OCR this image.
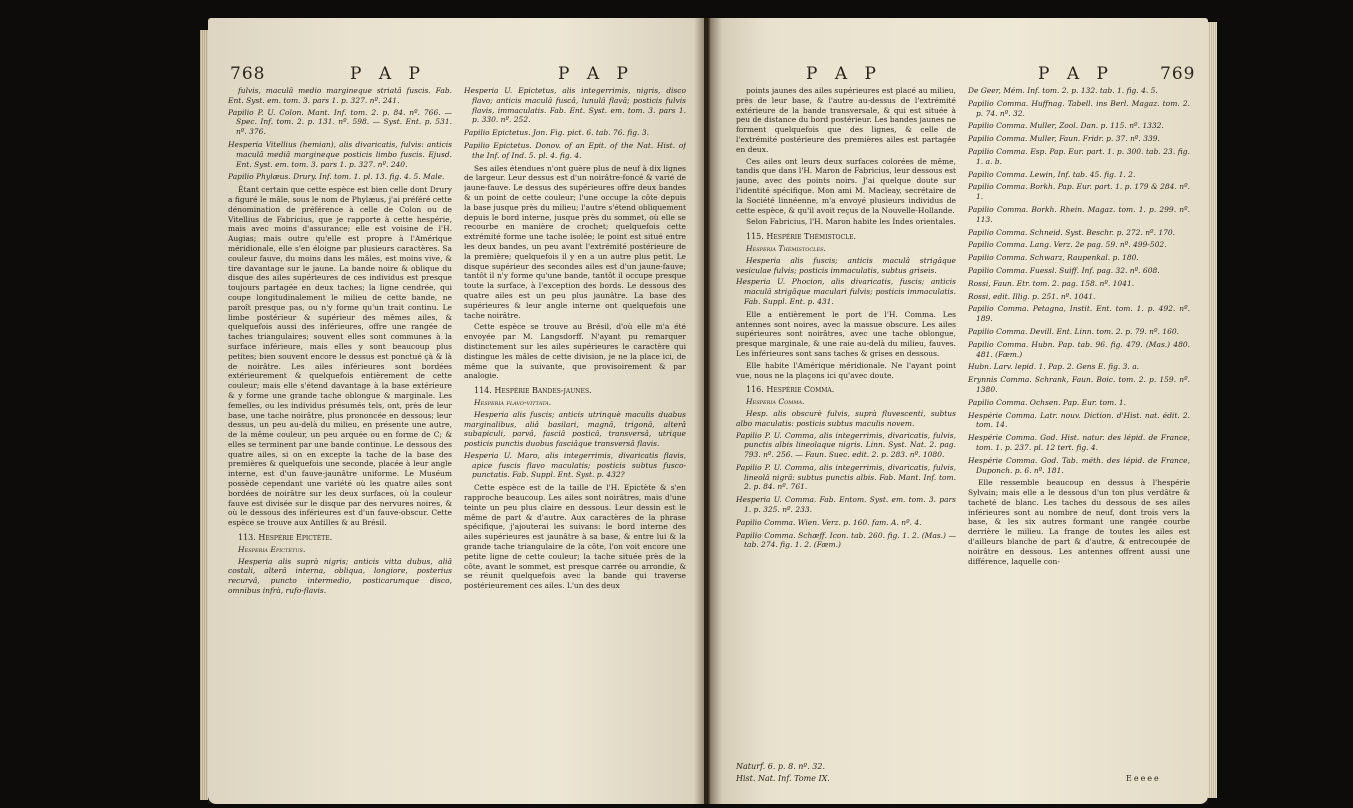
768	P A P	P A P

fulvis, maculâ medio margineque striatâ fuscis. Fab. Ent. Syst. em. tom. 3. pars 1. p. 327. nº. 241.

Papilio P. U. Colon. Mant. Inf. tom. 2. p. 84. nº. 766. — Spec. Inf. tom. 2. p. 131. nº. 598. — Syst. Ent. p. 531. nº. 376.

Hesperia Vitellius (hemian), alis divaricatis, fulvis: anticis maculâ mediâ margineque posticis limbo fuscis. Ejusd. Ent. Syst. em. tom. 3. pars 1. p. 327. nº. 240.

Papilio Phylæus. Drury. Inf. tom. 1. pl. 13. fig. 4. 5. Male.

Étant certain que cette espèce est bien celle dont Drury a figuré le mâle, sous le nom de Phylæus, j'ai préféré cette dénomination de préférence à celle de Colon ou de Vitellius de Fabricius, que je rapporte à cette hespérie, mais avec moins d'assurance; elle est voisine de l'H. Augias; mais outre qu'elle est propre à l'Amérique méridionale, elle s'en éloigne par plusieurs caractères. Sa couleur fauve, du moins dans les mâles, est moins vive, & tire davantage sur le jaune. La bande noire & oblique du disque des ailes supérieures de ces individus est presque toujours partagée en deux taches; la ligne cendrée, qui coupe longitudinalement le milieu de cette bande, ne paroît presque pas, ou n'y forme qu'un trait continu. Le limbe postérieur & supérieur des mêmes ailes, & quelquefois aussi des inférieures, offre une rangée de taches triangulaires; souvent elles sont communes à la surface inférieure, mais elles y sont beaucoup plus petites; bien souvent encore le dessus est ponctué çà & là de noirâtre. Les ailes inférieures sont bordées extérieurement & quelquefois entièrement de cette couleur; mais elle s'étend davantage à la base extérieure & y forme une grande tache oblongue & marginale. Les femelles, ou les individus présumés tels, ont, près de leur base, une tache noirâtre, plus prononcée en dessous; leur dessus, un peu au-delà du milieu, en présente une autre, de la même couleur, un peu arquée ou en forme de C; & elles se terminent par une bande continue. Le dessous des quatre ailes, si on en excepte la tache de la base des premières & quelquefois une seconde, placée à leur angle interne, est d'un fauve-jaunâtre uniforme. Le Muséum possède cependant une variété où les quatre ailes sont bordées de noirâtre sur les deux surfaces, où la couleur fauve est divisée sur le disque par des nervures noires, & où le dessous des inférieures est d'un fauve-obscur. Cette espèce se trouve aux Antilles & au Brésil.

113. Hespérie Epictète.

Hesperia Epictetus.

Hesperia alis suprà nigris; anticis vitta dubus, aliâ costali, alterâ interna, obliqua, longiore, posterius recurvâ, puncto intermedio, posticarumque disco, omnibus infrà, rufo-flavis.

Hesperia U. Epictetus, alis integerrimis, nigris, disco flavo; anticis maculâ fuscâ, lunulâ flavâ; posticis fulvis flavis, immaculatis. Fab. Ent. Syst. em. tom. 3. pars 1. p. 330. nº. 252.

Papilio Epictetus. Jon. Fig. pict. 6. tab. 76. fig. 3.

Papilio Epictetus. Donov. of an Epit. of the Nat. Hist. of the Inf. of Ind. 5. pl. 4. fig. 4.

Ses ailes étendues n'ont guère plus de neuf à dix lignes de largeur. Leur dessus est d'un noirâtre-foncé & varié de jaune-fauve. Le dessus des supérieures offre deux bandes & un point de cette couleur; l'une occupe la côte depuis la base jusque près du milieu; l'autre s'étend obliquement depuis le bord interne, jusque près du sommet, où elle se recourbe en manière de crochet; quelquefois cette extrémité forme une tache isolée; le point est situé entre les deux bandes, un peu avant l'extrémité postérieure de la première; quelquefois il y en a un autre plus petit. Le disque supérieur des secondes ailes est d'un jaune-fauve; tantôt il n'y forme qu'une bande, tantôt il occupe presque toute la surface, à l'exception des bords. Le dessous des quatre ailes est un peu plus jaunâtre. La base des supérieures & leur angle interne ont quelquefois une tache noirâtre.

Cette espèce se trouve au Brésil, d'où elle m'a été envoyée par M. Langsdorff. N'ayant pu remarquer distinctement sur les ailes supérieures le caractère qui distingue les mâles de cette division, je ne la place ici, de même que la suivante, que provisoirement & par analogie.

114. Hespérie Bandes-jaunes.

Hesperia flavo-vittata.

Hesperia alis fuscis; anticis utrinquè maculis duabus marginalibus, aliâ basilari, magnâ, trigonâ, alterâ subapiculi, parvâ, fasciâ posticâ, transversâ, utrique posticis punctis duobus fasciâque transversâ flavis.

Hesperia U. Maro, alis integerrimis, divaricatis flavis, apice fuscis flavo maculatis; posticis subtus fusco-punctatis. Fab. Suppl. Ent. Syst. p. 432?

Cette espèce est de la taille de l'H. Epictète & s'en rapproche beaucoup. Les ailes sont noirâtres, mais d'une teinte un peu plus claire en dessous. Leur dessin est le même de part & d'autre. Aux caractères de la phrase spécifique, j'ajouterai les suivans: le bord interne des ailes supérieures est jaunâtre à sa base, & entre lui & la grande tache triangulaire de la côte, l'on voit encore une petite ligne de cette couleur; la tache située près de la côte, avant le sommet, est presque carrée ou arrondie, & se réunit quelquefois avec la bande qui traverse postérieurement ces ailes. L'un des deux

P A P	P A P	769

points jaunes des ailes supérieures est placé au milieu, près de leur base, & l'autre au-dessus de l'extrémité extérieure de la bande transversale, & qui est située à peu de distance du bord postérieur. Les bandes jaunes ne forment quelquefois que des lignes, & celle de l'extrémité postérieure des premières ailes est partagée en deux.

Ces ailes ont leurs deux surfaces colorées de même, tandis que dans l'H. Maron de Fabricius, leur dessous est jaune, avec des points noirs. J'ai quelque doute sur l'identité spécifique. Mon ami M. Macleay, secrétaire de la Société linnéenne, m'a envoyé plusieurs individus de cette espèce, & qu'il avoit reçus de la Nouvelle-Hollande.

Selon Fabricius, l'H. Maron habite les Indes orientales.

115. Hespérie Thémistocle.

Hesperia Themistocles.

Hesperia alis fuscis; anticis maculâ strigâque vesiculae fulvis; posticis immaculatis, subtus griseis.

Hesperia U. Phocion, alis divaricatis, fuscis; anticis maculâ strigâque maculari fulvis; posticis immaculatis. Fab. Suppl. Ent. p. 431.

Elle a entièrement le port de l'H. Comma. Les antennes sont noires, avec la massue obscure. Les ailes supérieures sont noirâtres, avec une tache oblongue, presque marginale, & une raie au-delà du milieu, fauves. Les inférieures sont sans taches & grises en dessous.

Elle habite l'Amérique méridionale. Ne l'ayant point vue, nous ne la plaçons ici qu'avec doute.

116. Hespérie Comma.

Hesperia Comma.

Hesp. alis obscurè fulvis, suprà fluvescenti, subtus albo maculatis: posticis subtus maculis novem.

Papilio P. U. Comma, alis integerrimis, divaricatis, fulvis, punctis albis lineolaque nigris. Linn. Syst. Nat. 2. pag. 793. nº. 256. — Faun. Suec. edit. 2. p. 283. nº. 1080.

Papilio P. U. Comma, alis integerrimis, divaricatis, fulvis, lineolâ nigrâ: subtus punctis albis. Fab. Mant. Inf. tom. 2. p. 84. nº. 761.

Hesperia U. Comma. Fab. Entom. Syst. em. tom. 3. pars 1. p. 325. nº. 233.

Papilio Comma. Wien. Verz. p. 160. fam. A. nº. 4.

Papilio Comma. Schæff. Icon. tab. 260. fig. 1. 2. (Mas.) — tab. 274. fig. 1. 2. (Fæm.)

Naturf. 6. p. 8. nº. 32.
Hist. Nat. Inf. Tome IX.

De Geer, Mém. Inf. tom. 2. p. 132. tab. 1. fig. 4. 5.

Papilio Comma. Huffnag. Tabell. ins Berl. Magaz. tom. 2. p. 74. nº. 32.

Papilio Comma. Muller, Zool. Dan. p. 115. nº. 1332.

Papilio Comma. Muller, Faun. Fridr. p. 37. nº. 339.

Papilio Comma. Esp. Pap. Eur. part. 1. p. 300. tab. 23. fig. 1. a. b.

Papilio Comma. Lewin, Inf. tab. 45. fig. 1. 2.

Papilio Comma. Borkh. Pap. Eur. part. 1. p. 179 & 284. nº. 1.

Papilio Comma. Borkh. Rhein. Magaz. tom. 1. p. 299. nº. 113.

Papilio Comma. Schneid. Syst. Beschr. p. 272. nº. 170.

Papilio Comma. Lang. Verz. 2e pag. 59. nº. 499-502.

Papilio Comma. Schwarz, Raupenkal. p. 180.

Papilio Comma. Fuessl. Suiff. Inf. pag. 32. nº. 608.

Rossi, Faun. Etr. tom. 2. pag. 158. nº. 1041.

Rossi, edit. Illig. p. 251. nº. 1041.

Papilio Comma. Petagna, Instit. Ent. tom. 1. p. 492. nº. 189.

Papilio Comma. Devill. Ent. Linn. tom. 2. p. 79. nº. 160.

Papilio Comma. Hubn. Pap. tab. 96. fig. 479. (Mas.) 480. 481. (Fæm.)

Hubn. Larv. lepid. 1. Pap. 2. Gens E. fig. 3. a.

Erynnis Comma. Schrank, Faun. Boic. tom. 2. p. 159. nº. 1380.

Papilio Comma. Ochsen. Pap. Eur. tom. 1.

Hespérie Comma. Latr. nouv. Diction. d'Hist. nat. édit. 2. tom. 14.

Hespérie Comma. God. Hist. natur. des lépid. de France, tom. 1. p. 237. pl. 12 tert. fig. 4.

Hespérie Comma. God. Tab. méth. des lépid. de France, Duponch. p. 6. nº. 181.

Elle ressemble beaucoup en dessus à l'hespérie Sylvain; mais elle a le dessous d'un ton plus verdâtre & tacheté de blanc. Les taches du dessous de ses ailes inférieures sont au nombre de neuf, dont trois vers la base, & les six autres formant une rangée courbe derrière le milieu. La frange de toutes les ailes est d'ailleurs blanche de part & d'autre, & entrecoupée de noirâtre en dessous. Les antennes offrent aussi une différence, laquelle con-

Eeeee
